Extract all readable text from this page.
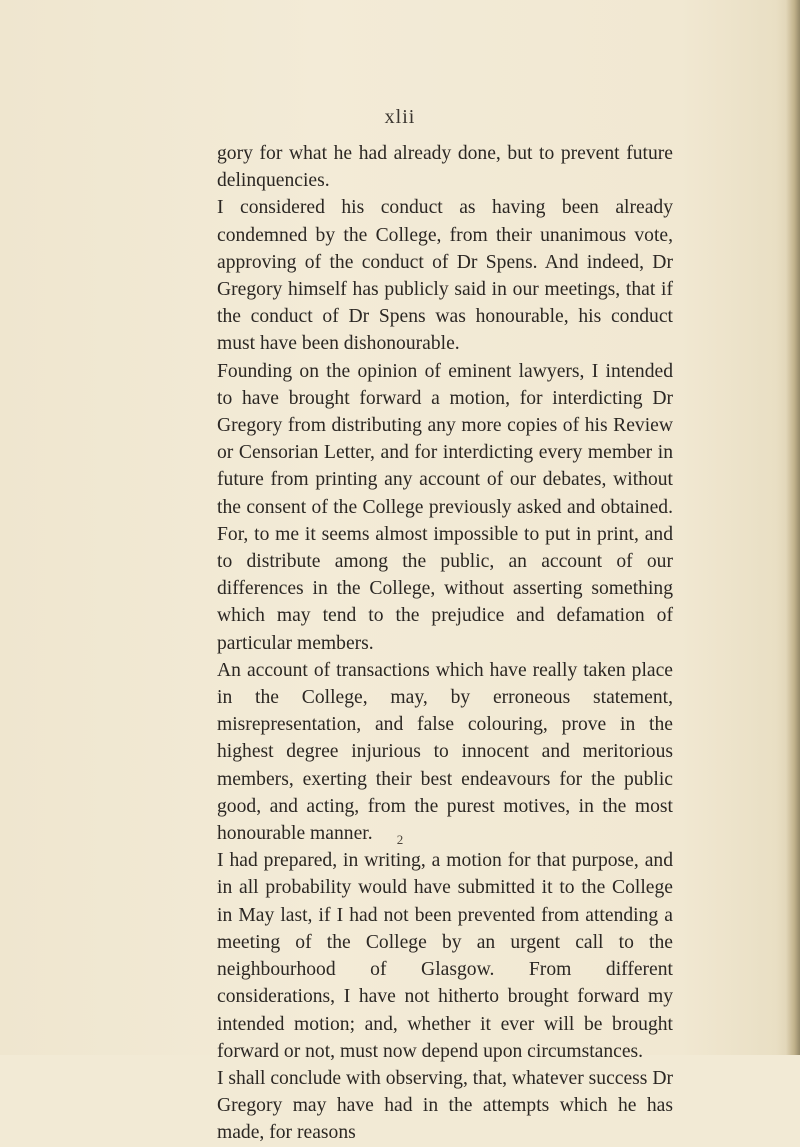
xlii

gory for what he had already done, but to prevent future delinquencies.

I considered his conduct as having been already condemned by the College, from their unanimous vote, approving of the conduct of Dr Spens. And indeed, Dr Gregory himself has publicly said in our meetings, that if the conduct of Dr Spens was honourable, his conduct must have been dishonourable.

Founding on the opinion of eminent lawyers, I intended to have brought forward a motion, for interdicting Dr Gregory from distributing any more copies of his Review or Censorian Letter, and for interdicting every member in future from printing any account of our debates, without the consent of the College previously asked and obtained. For, to me it seems almost impossible to put in print, and to distribute among the public, an account of our differences in the College, without asserting something which may tend to the prejudice and defamation of particular members.

An account of transactions which have really taken place in the College, may, by erroneous statement, misrepresentation, and false colouring, prove in the highest degree injurious to innocent and meritorious members, exerting their best endeavours for the public good, and acting, from the purest motives, in the most honourable manner.

I had prepared, in writing, a motion for that purpose, and in all probability would have submitted it to the College in May last, if I had not been prevented from attending a meeting of the College by an urgent call to the neighbourhood of Glasgow. From different considerations, I have not hitherto brought forward my intended motion; and, whether it ever will be brought forward or not, must now depend upon circumstances.

I shall conclude with observing, that, whatever success Dr Gregory may have had in the attempts which he has made, for reasons

2
